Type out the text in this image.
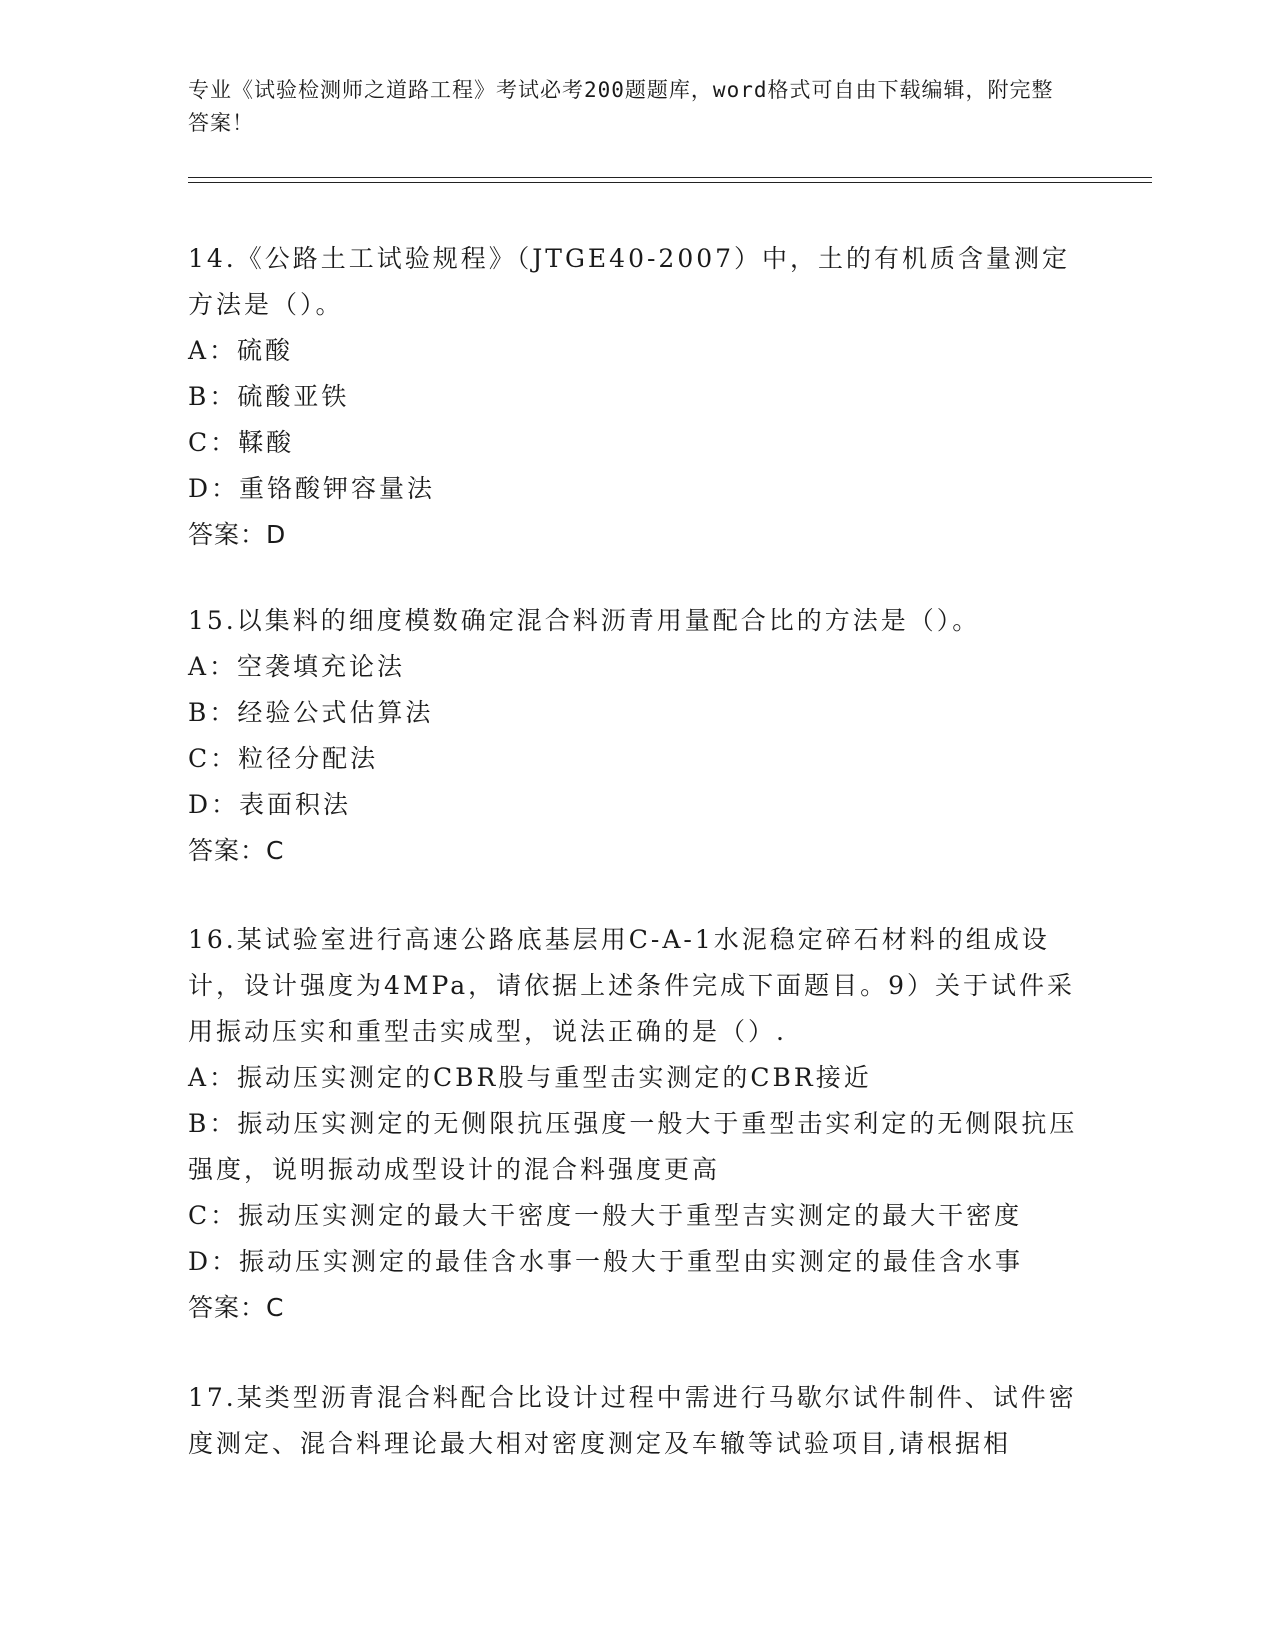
专业《试验检测师之道路工程》考试必考200题题库，word格式可自由下载编辑，附完整答案！
14.《公路土工试验规程》（JTGE40-2007）中，土的有机质含量测定方法是（）。
A：硫酸
B：硫酸亚铁
C：鞣酸
D：重铬酸钾容量法
答案：D
15.以集料的细度模数确定混合料沥青用量配合比的方法是（）。
A：空袭填充论法
B：经验公式估算法
C：粒径分配法
D：表面积法
答案：C
16.某试验室进行高速公路底基层用C-A-1水泥稳定碎石材料的组成设计，设计强度为4MPa，请依据上述条件完成下面题目。9）关于试件采用振动压实和重型击实成型，说法正确的是（）.
A：振动压实测定的CBR股与重型击实测定的CBR接近
B：振动压实测定的无侧限抗压强度一般大于重型击实利定的无侧限抗压强度，说明振动成型设计的混合料强度更高
C：振动压实测定的最大干密度一般大于重型吉实测定的最大干密度
D：振动压实测定的最佳含水事一般大于重型由实测定的最佳含水事
答案：C
17.某类型沥青混合料配合比设计过程中需进行马歇尔试件制件、试件密度测定、混合料理论最大相对密度测定及车辙等试验项目,请根据相
